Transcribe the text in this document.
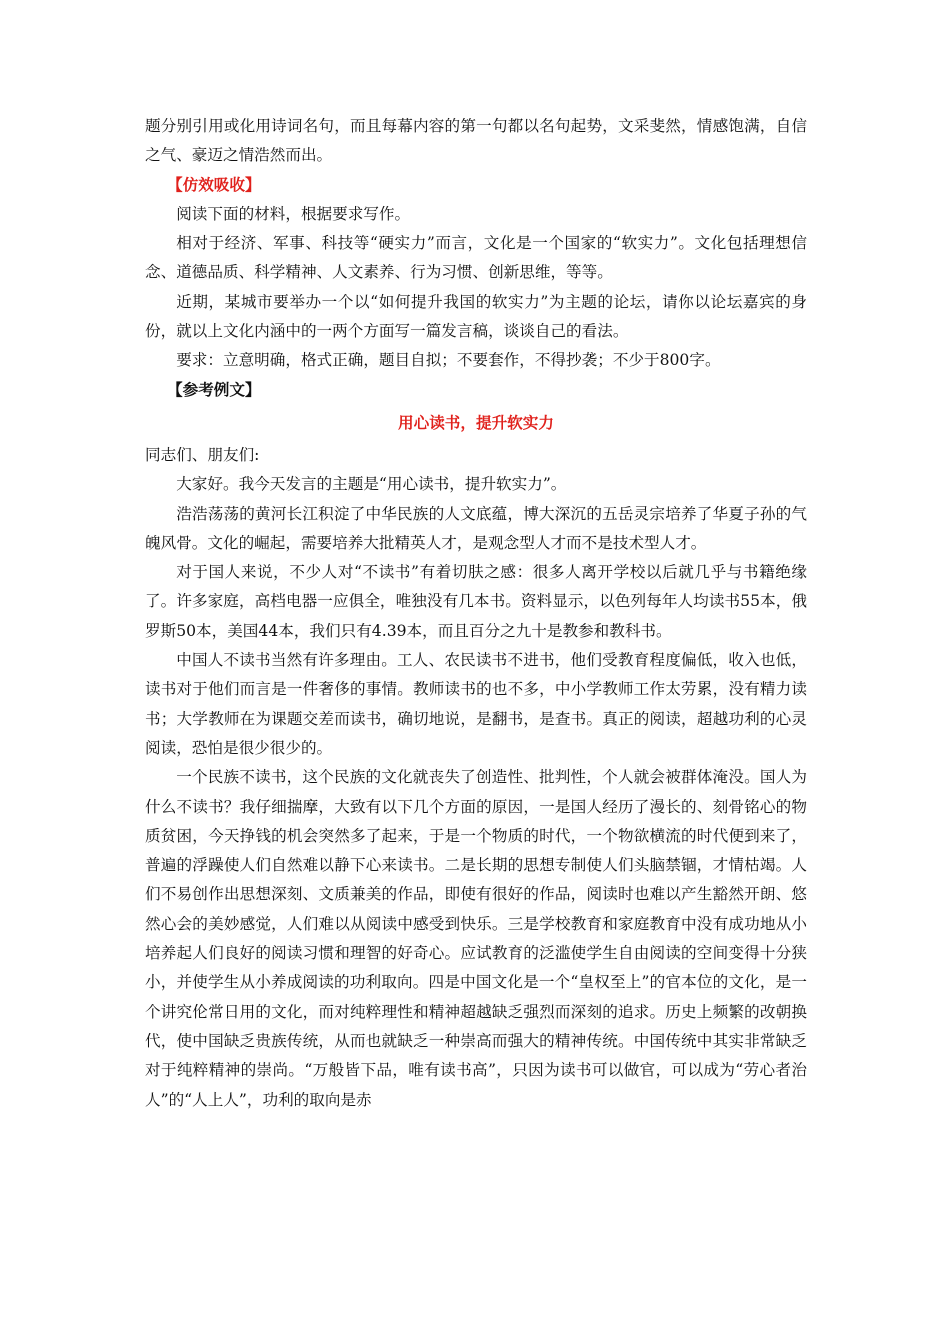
题分别引用或化用诗词名句，而且每幕内容的第一句都以名句起势，文采斐然，情感饱满，自信之气、豪迈之情浩然而出。

【仿效吸收】

阅读下面的材料，根据要求写作。

相对于经济、军事、科技等“硬实力”而言，文化是一个国家的“软实力”。文化包括理想信念、道德品质、科学精神、人文素养、行为习惯、创新思维，等等。

近期，某城市要举办一个以“如何提升我国的软实力”为主题的论坛，请你以论坛嘉宾的身份，就以上文化内涵中的一两个方面写一篇发言稿，谈谈自己的看法。

要求：立意明确，格式正确，题目自拟；不要套作，不得抄袭；不少于800字。

【参考例文】

用心读书，提升软实力

同志们、朋友们:

大家好。我今天发言的主题是“用心读书，提升软实力”。

浩浩荡荡的黄河长江积淀了中华民族的人文底蕴，博大深沉的五岳灵宗培养了华夏子孙的气魄风骨。文化的崛起，需要培养大批精英人才，是观念型人才而不是技术型人才。

对于国人来说，不少人对“不读书”有着切肤之感：很多人离开学校以后就几乎与书籍绝缘了。许多家庭，高档电器一应俱全，唯独没有几本书。资料显示，以色列每年人均读书55本，俄罗斯50本，美国44本，我们只有4.39本，而且百分之九十是教参和教科书。

中国人不读书当然有许多理由。工人、农民读书不进书，他们受教育程度偏低，收入也低，读书对于他们而言是一件奢侈的事情。教师读书的也不多，中小学教师工作太劳累，没有精力读书；大学教师在为课题交差而读书，确切地说，是翻书，是查书。真正的阅读，超越功利的心灵阅读，恐怕是很少很少的。

一个民族不读书，这个民族的文化就丧失了创造性、批判性，个人就会被群体淹没。国人为什么不读书？我仔细揣摩，大致有以下几个方面的原因，一是国人经历了漫长的、刻骨铭心的物质贫困，今天挣钱的机会突然多了起来，于是一个物质的时代，一个物欲横流的时代便到来了，普遍的浮躁使人们自然难以静下心来读书。二是长期的思想专制使人们头脑禁锢，才情枯竭。人们不易创作出思想深刻、文质兼美的作品，即使有很好的作品，阅读时也难以产生豁然开朗、悠然心会的美妙感觉，人们难以从阅读中感受到快乐。三是学校教育和家庭教育中没有成功地从小培养起人们良好的阅读习惯和理智的好奇心。应试教育的泛滥使学生自由阅读的空间变得十分狭小，并使学生从小养成阅读的功利取向。四是中国文化是一个“皇权至上”的官本位的文化，是一个讲究伦常日用的文化，而对纯粹理性和精神超越缺乏强烈而深刻的追求。历史上频繁的改朝换代，使中国缺乏贵族传统，从而也就缺乏一种崇高而强大的精神传统。中国传统中其实非常缺乏对于纯粹精神的崇尚。“万般皆下品，唯有读书高”，只因为读书可以做官，可以成为“劳心者治人”的“人上人”，功利的取向是赤
